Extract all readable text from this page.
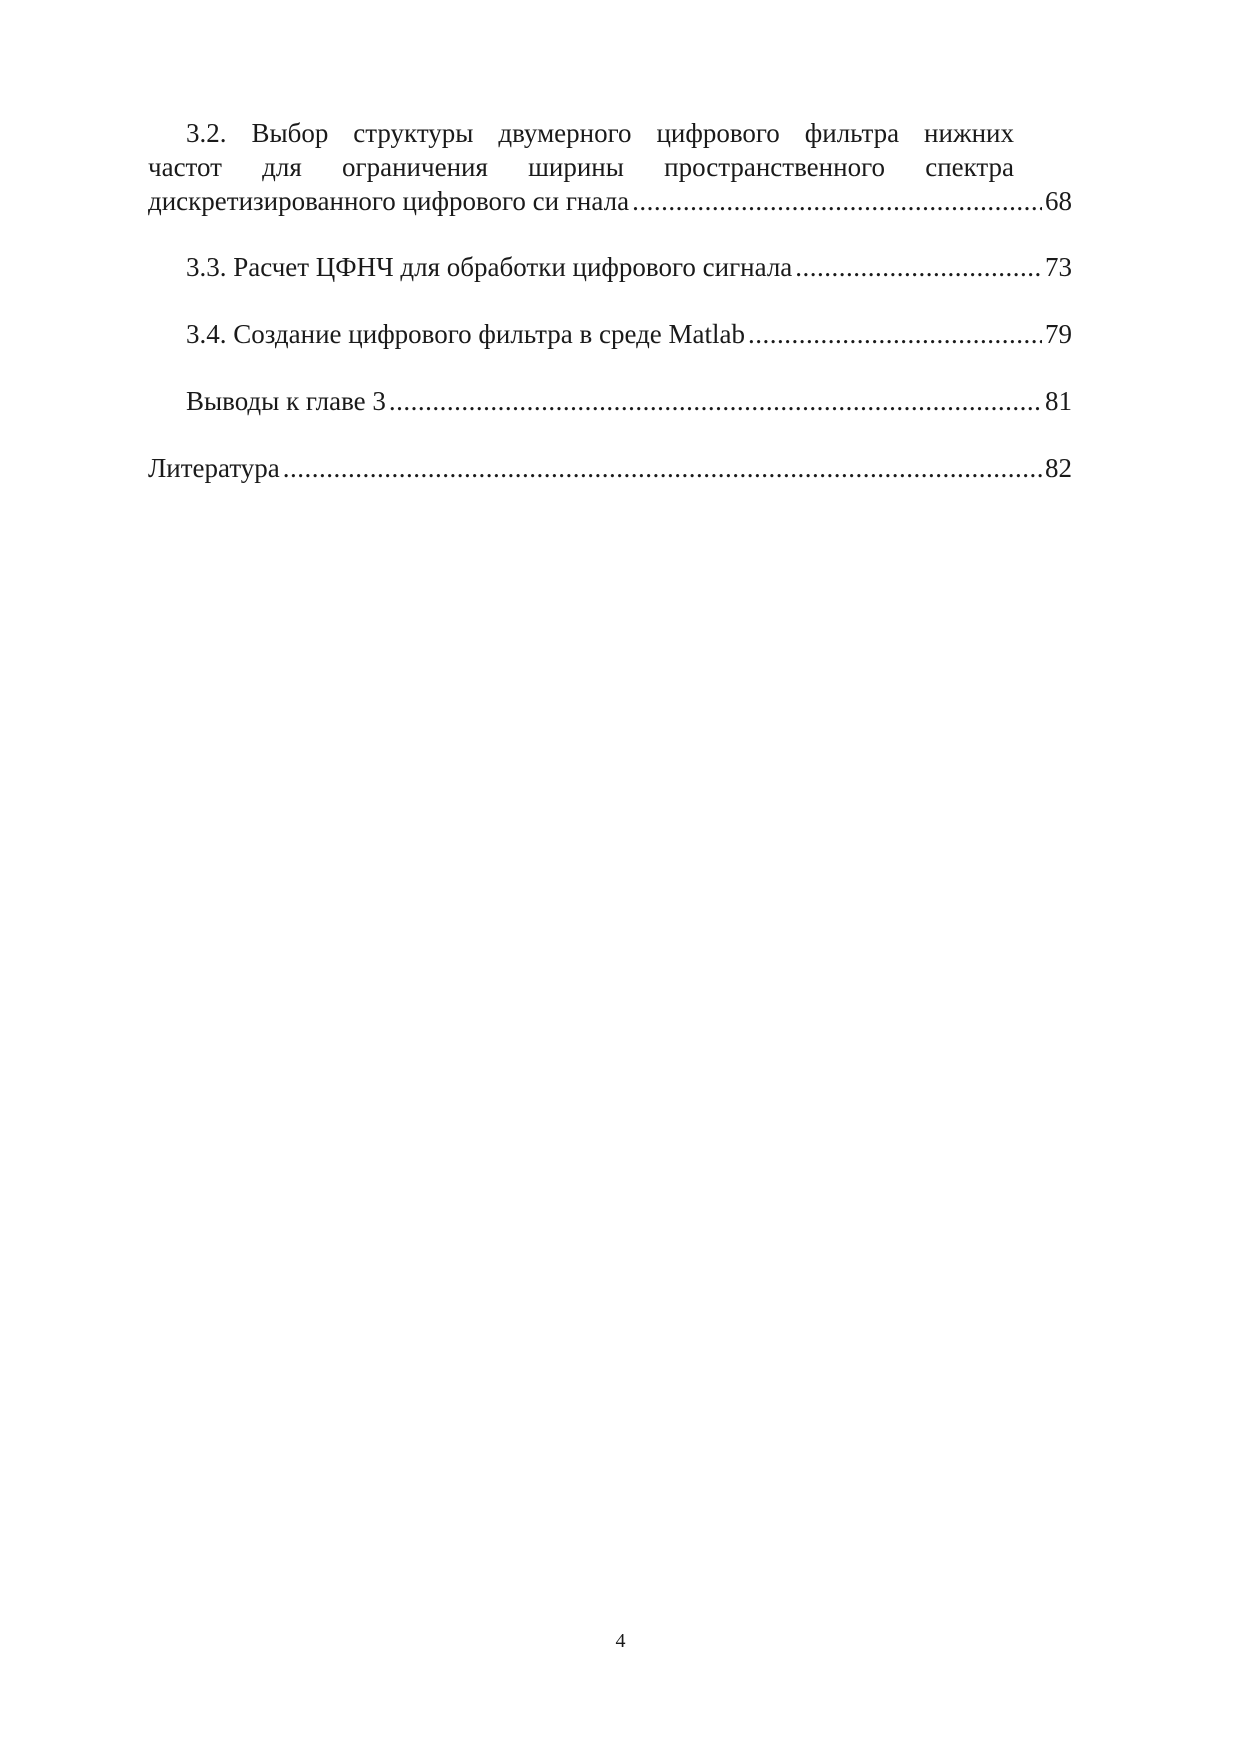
3.2. Выбор структуры двумерного цифрового фильтра нижних
частот для ограничения ширины пространственного спектра
дискретизированного цифрового си гнала .....	68
3.3. Расчет ЦФНЧ для обработки цифрового сигнала .....	73
3.4. Создание цифрового фильтра в среде Matlab .....	79
Выводы к главе 3 .....	81
Литература .....	82
4
